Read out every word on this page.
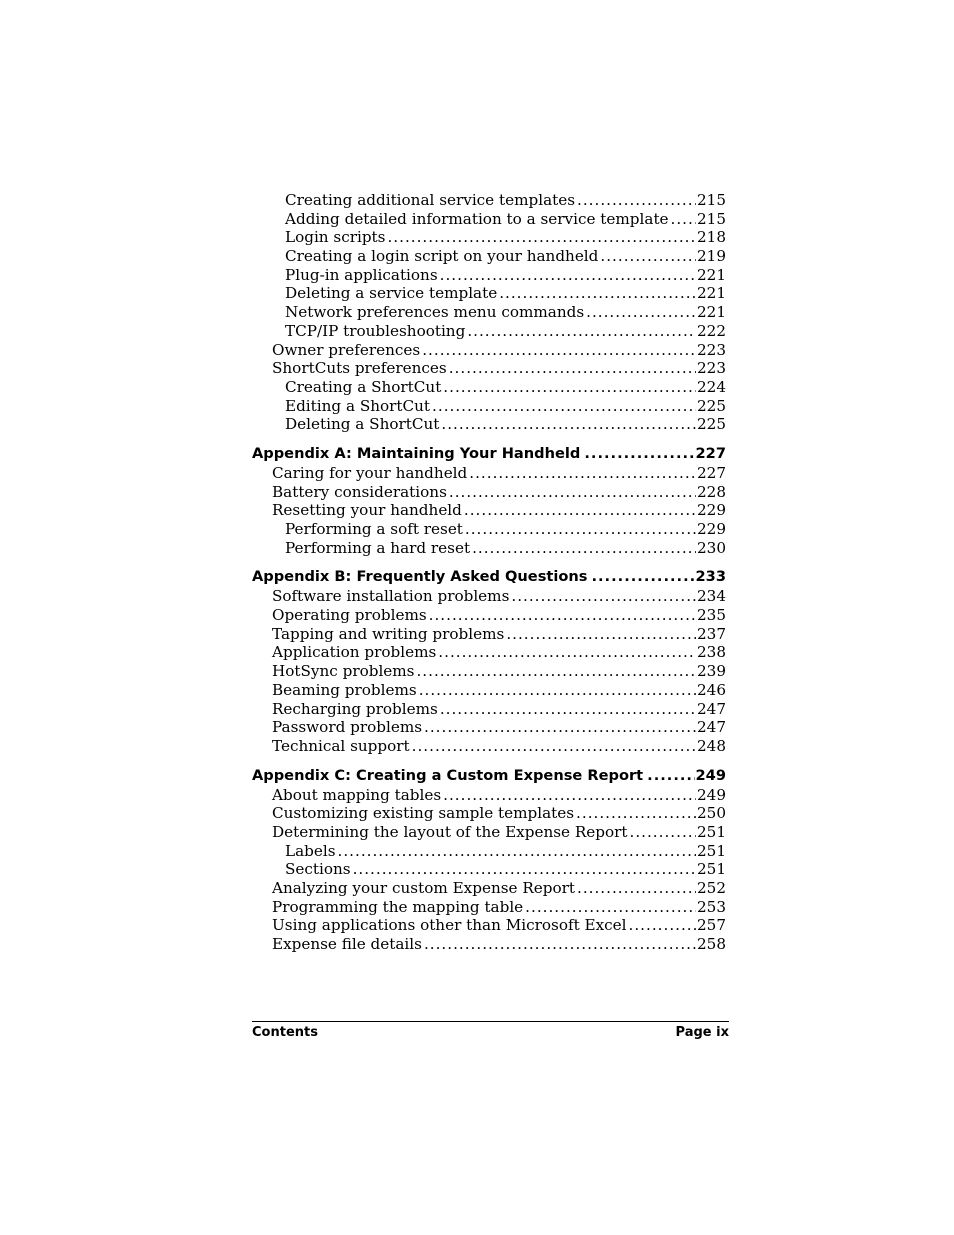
Creating additional service templates .....	215
Adding detailed information to a service template ..... 215
Login scripts .....	218
Creating a login script on your handheld .....	219
Plug-in applications .....	221
Deleting a service template .....	221
Network preferences menu commands .....	221
TCP/IP troubleshooting .....	222
Owner preferences .....	223
ShortCuts preferences .....	223
Creating a ShortCut .....	224
Editing a ShortCut .....	225
Deleting a ShortCut .....	225
Appendix A: Maintaining Your Handheld .....	227
Caring for your handheld .....	227
Battery considerations .....	228
Resetting your handheld .....	229
Performing a soft reset .....	229
Performing a hard reset .....	230
Appendix B: Frequently Asked Questions .....	233
Software installation problems .....	234
Operating problems .....	235
Tapping and writing problems .....	237
Application problems .....	238
HotSync problems .....	239
Beaming problems .....	246
Recharging problems .....	247
Password problems .....	247
Technical support .....	248
Appendix C: Creating a Custom Expense Report .....	249
About mapping tables .....	249
Customizing existing sample templates .....	250
Determining the layout of the Expense Report .....	251
Labels .....	251
Sections .....	251
Analyzing your custom Expense Report .....	252
Programming the mapping table .....	253
Using applications other than Microsoft Excel .....	257
Expense file details .....	258
Contents	Page ix
